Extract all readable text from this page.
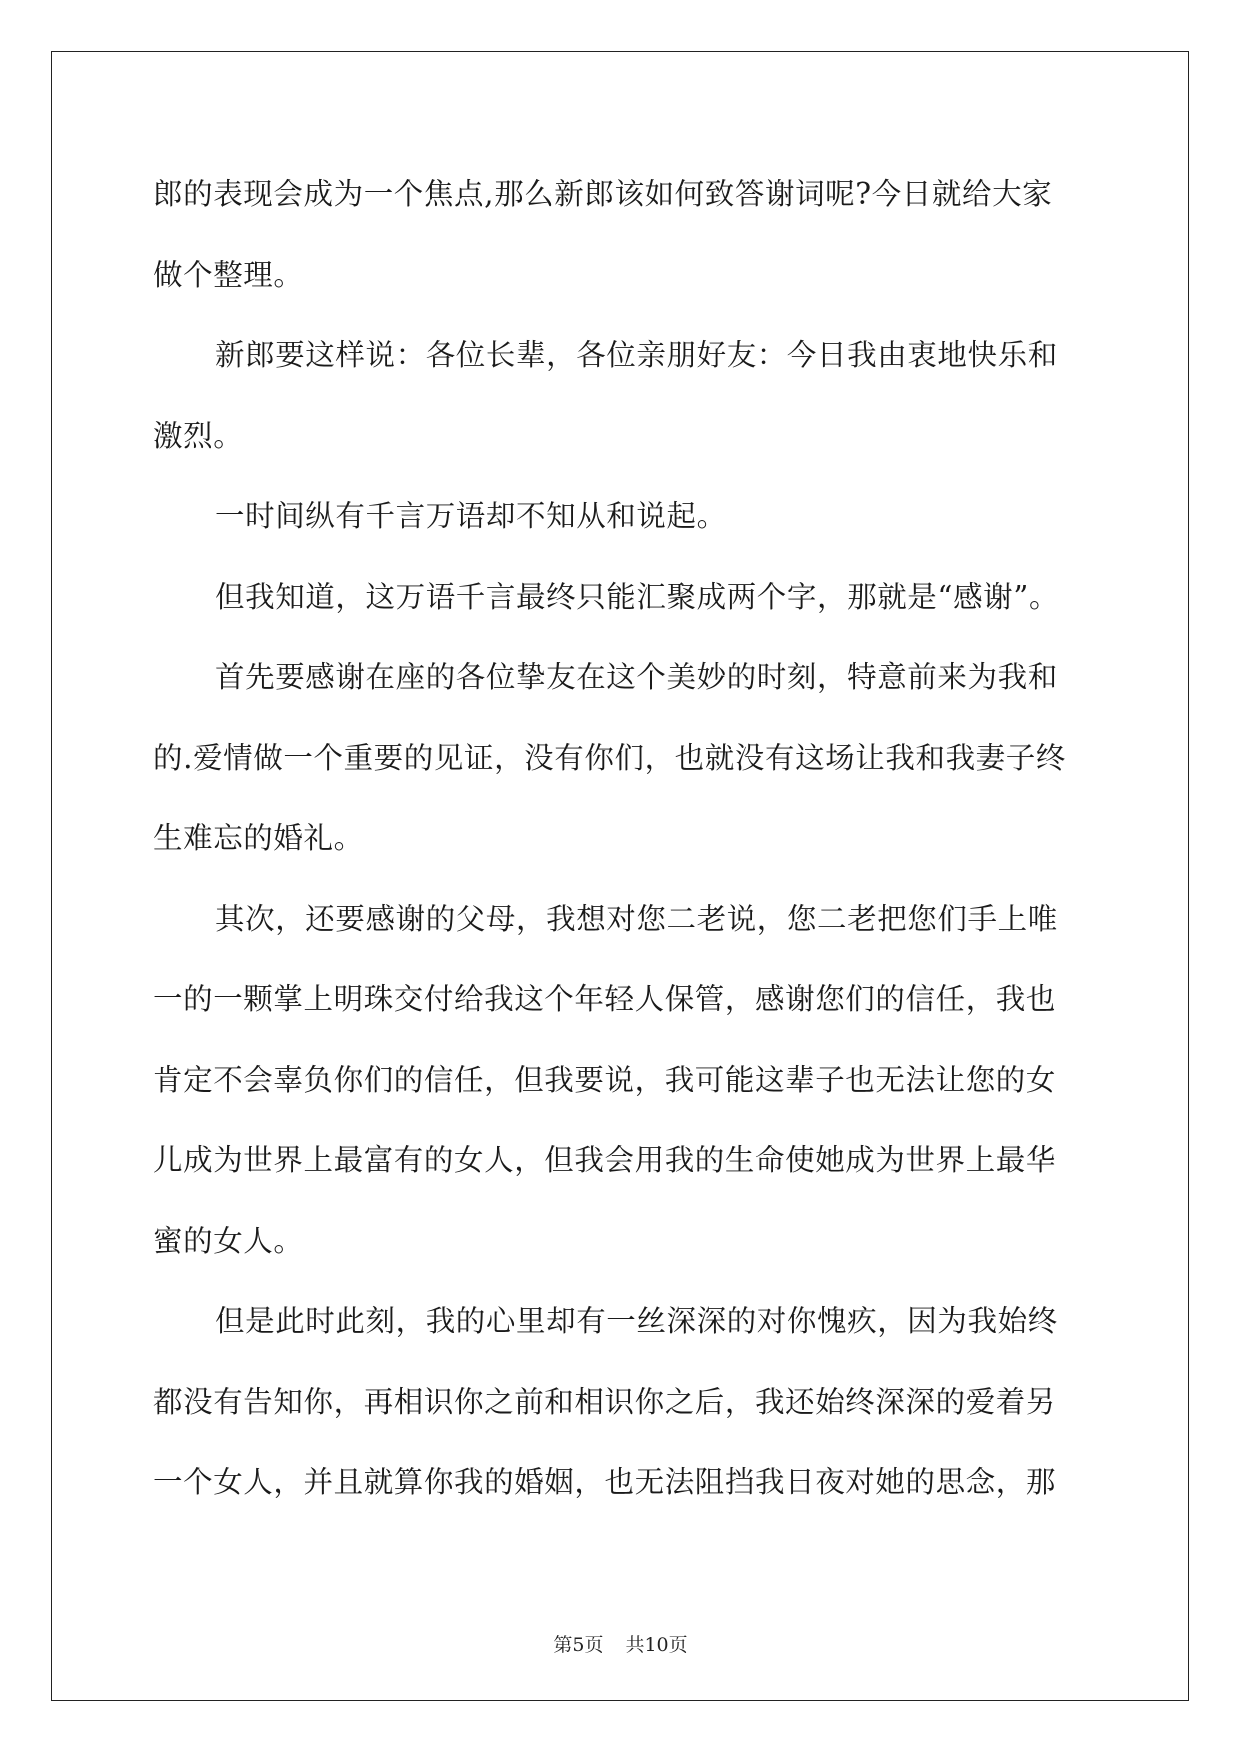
郎的表现会成为一个焦点,那么新郎该如何致答谢词呢?今日就给大家
做个整理。
新郎要这样说：各位长辈，各位亲朋好友：今日我由衷地快乐和
激烈。
一时间纵有千言万语却不知从和说起。
但我知道，这万语千言最终只能汇聚成两个字，那就是“感谢”。
首先要感谢在座的各位挚友在这个美妙的时刻，特意前来为我和
的.爱情做一个重要的见证，没有你们，也就没有这场让我和我妻子终
生难忘的婚礼。
其次，还要感谢的父母，我想对您二老说，您二老把您们手上唯
一的一颗掌上明珠交付给我这个年轻人保管，感谢您们的信任，我也
肯定不会辜负你们的信任，但我要说，我可能这辈子也无法让您的女
儿成为世界上最富有的女人，但我会用我的生命使她成为世界上最华
蜜的女人。
但是此时此刻，我的心里却有一丝深深的对你愧疚，因为我始终
都没有告知你，再相识你之前和相识你之后，我还始终深深的爱着另
一个女人，并且就算你我的婚姻，也无法阻挡我日夜对她的思念，那
第5页 共10页
